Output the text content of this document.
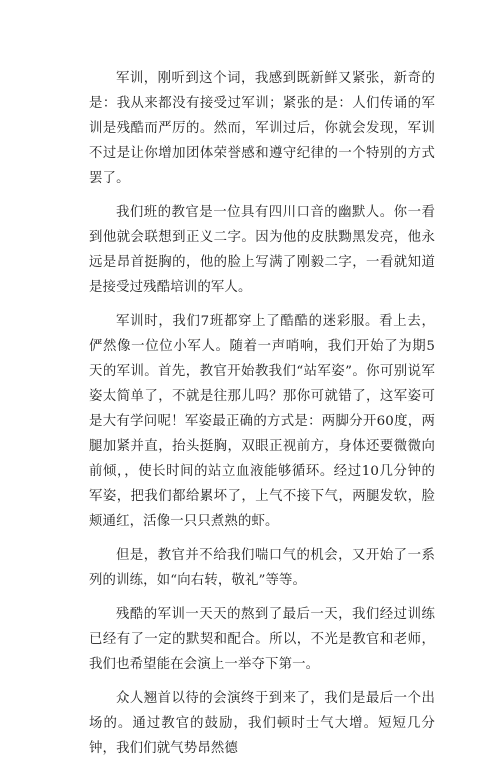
军训，刚听到这个词，我感到既新鲜又紧张，新奇的是：我从来都没有接受过军训；紧张的是：人们传诵的军训是残酷而严厉的。然而，军训过后，你就会发现，军训不过是让你增加团体荣誉感和遵守纪律的一个特别的方式罢了。

我们班的教官是一位具有四川口音的幽默人。你一看到他就会联想到正义二字。因为他的皮肤黝黑发亮，他永远是昂首挺胸的，他的脸上写满了刚毅二字，一看就知道是接受过残酷培训的军人。

军训时，我们7班都穿上了酷酷的迷彩服。看上去，俨然像一位位小军人。随着一声哨响，我们开始了为期5天的军训。首先，教官开始教我们“站军姿”。你可别说军姿太简单了，不就是往那儿吗？那你可就错了，这军姿可是大有学问呢！军姿最正确的方式是：两脚分开60度，两腿加紧并直，抬头挺胸，双眼正视前方，身体还要微微向前倾，，使长时间的站立血液能够循环。经过10几分钟的军姿，把我们都给累坏了，上气不接下气，两腿发软，脸颊通红，活像一只只煮熟的虾。

但是，教官并不给我们喘口气的机会，又开始了一系列的训练，如“向右转，敬礼”等等。

残酷的军训一天天的熬到了最后一天，我们经过训练已经有了一定的默契和配合。所以，不光是教官和老师，我们也希望能在会演上一举夺下第一。

众人翘首以待的会演终于到来了，我们是最后一个出场的。通过教官的鼓励，我们顿时士气大增。短短几分钟，我们们就气势昂然德
